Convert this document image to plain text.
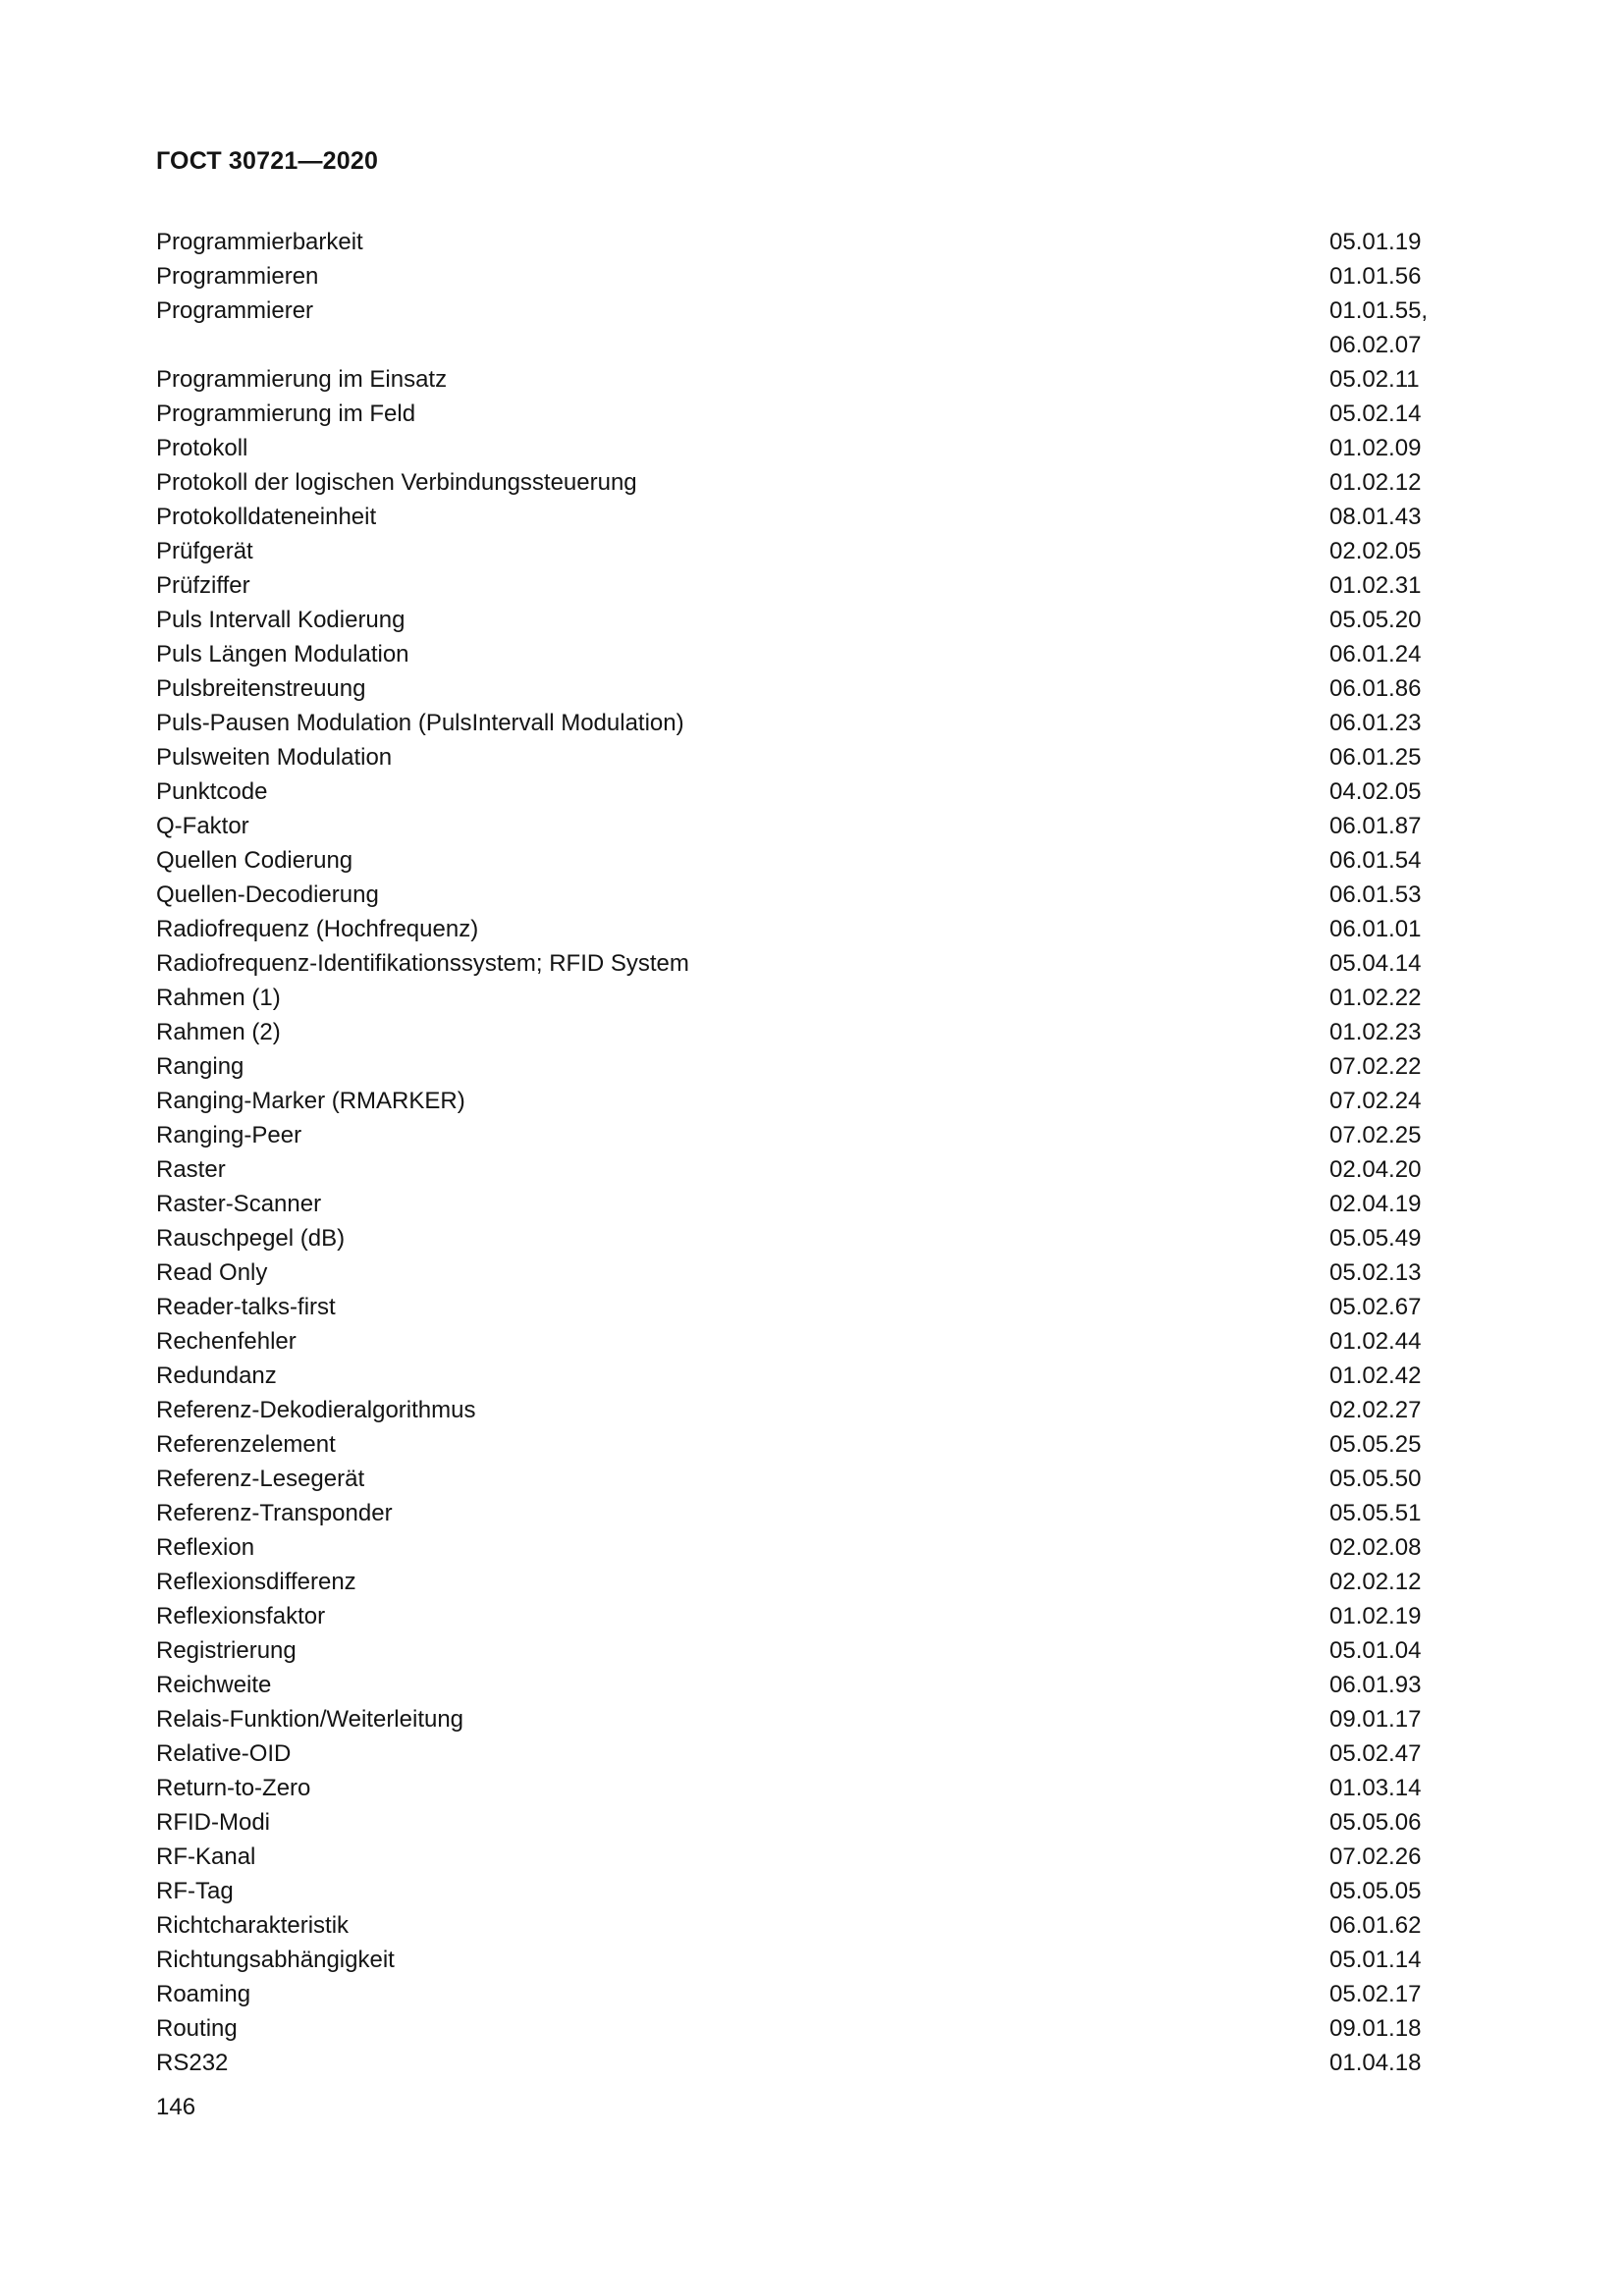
ГОСТ 30721—2020
Programmierbarkeit	05.01.19
Programmieren	01.01.56
Programmierer	01.01.55,
06.02.07
Programmierung im Einsatz	05.02.11
Programmierung im Feld	05.02.14
Protokoll	01.02.09
Protokoll der logischen Verbindungssteuerung	01.02.12
Protokolldateneinheit	08.01.43
Prüfgerät	02.02.05
Prüfziffer	01.02.31
Puls Intervall Kodierung	05.05.20
Puls Längen Modulation	06.01.24
Pulsbreitenstreuung	06.01.86
Puls-Pausen Modulation (PulsIntervall Modulation)	06.01.23
Pulsweiten Modulation	06.01.25
Punktcode	04.02.05
Q-Faktor	06.01.87
Quellen Codierung	06.01.54
Quellen-Decodierung	06.01.53
Radiofrequenz (Hochfrequenz)	06.01.01
Radiofrequenz-Identifikationssystem; RFID System	05.04.14
Rahmen (1)	01.02.22
Rahmen (2)	01.02.23
Ranging	07.02.22
Ranging-Marker (RMARKER)	07.02.24
Ranging-Peer	07.02.25
Raster	02.04.20
Raster-Scanner	02.04.19
Rauschpegel (dB)	05.05.49
Read Only	05.02.13
Reader-talks-first	05.02.67
Rechenfehler	01.02.44
Redundanz	01.02.42
Referenz-Dekodieralgorithmus	02.02.27
Referenzelement	05.05.25
Referenz-Lesegerät	05.05.50
Referenz-Transponder	05.05.51
Reflexion	02.02.08
Reflexionsdifferenz	02.02.12
Reflexionsfaktor	01.02.19
Registrierung	05.01.04
Reichweite	06.01.93
Relais-Funktion/Weiterleitung	09.01.17
Relative-OID	05.02.47
Return-to-Zero	01.03.14
RFID-Modi	05.05.06
RF-Kanal	07.02.26
RF-Tag	05.05.05
Richtcharakteristik	06.01.62
Richtungsabhängigkeit	05.01.14
Roaming	05.02.17
Routing	09.01.18
RS232	01.04.18
146
